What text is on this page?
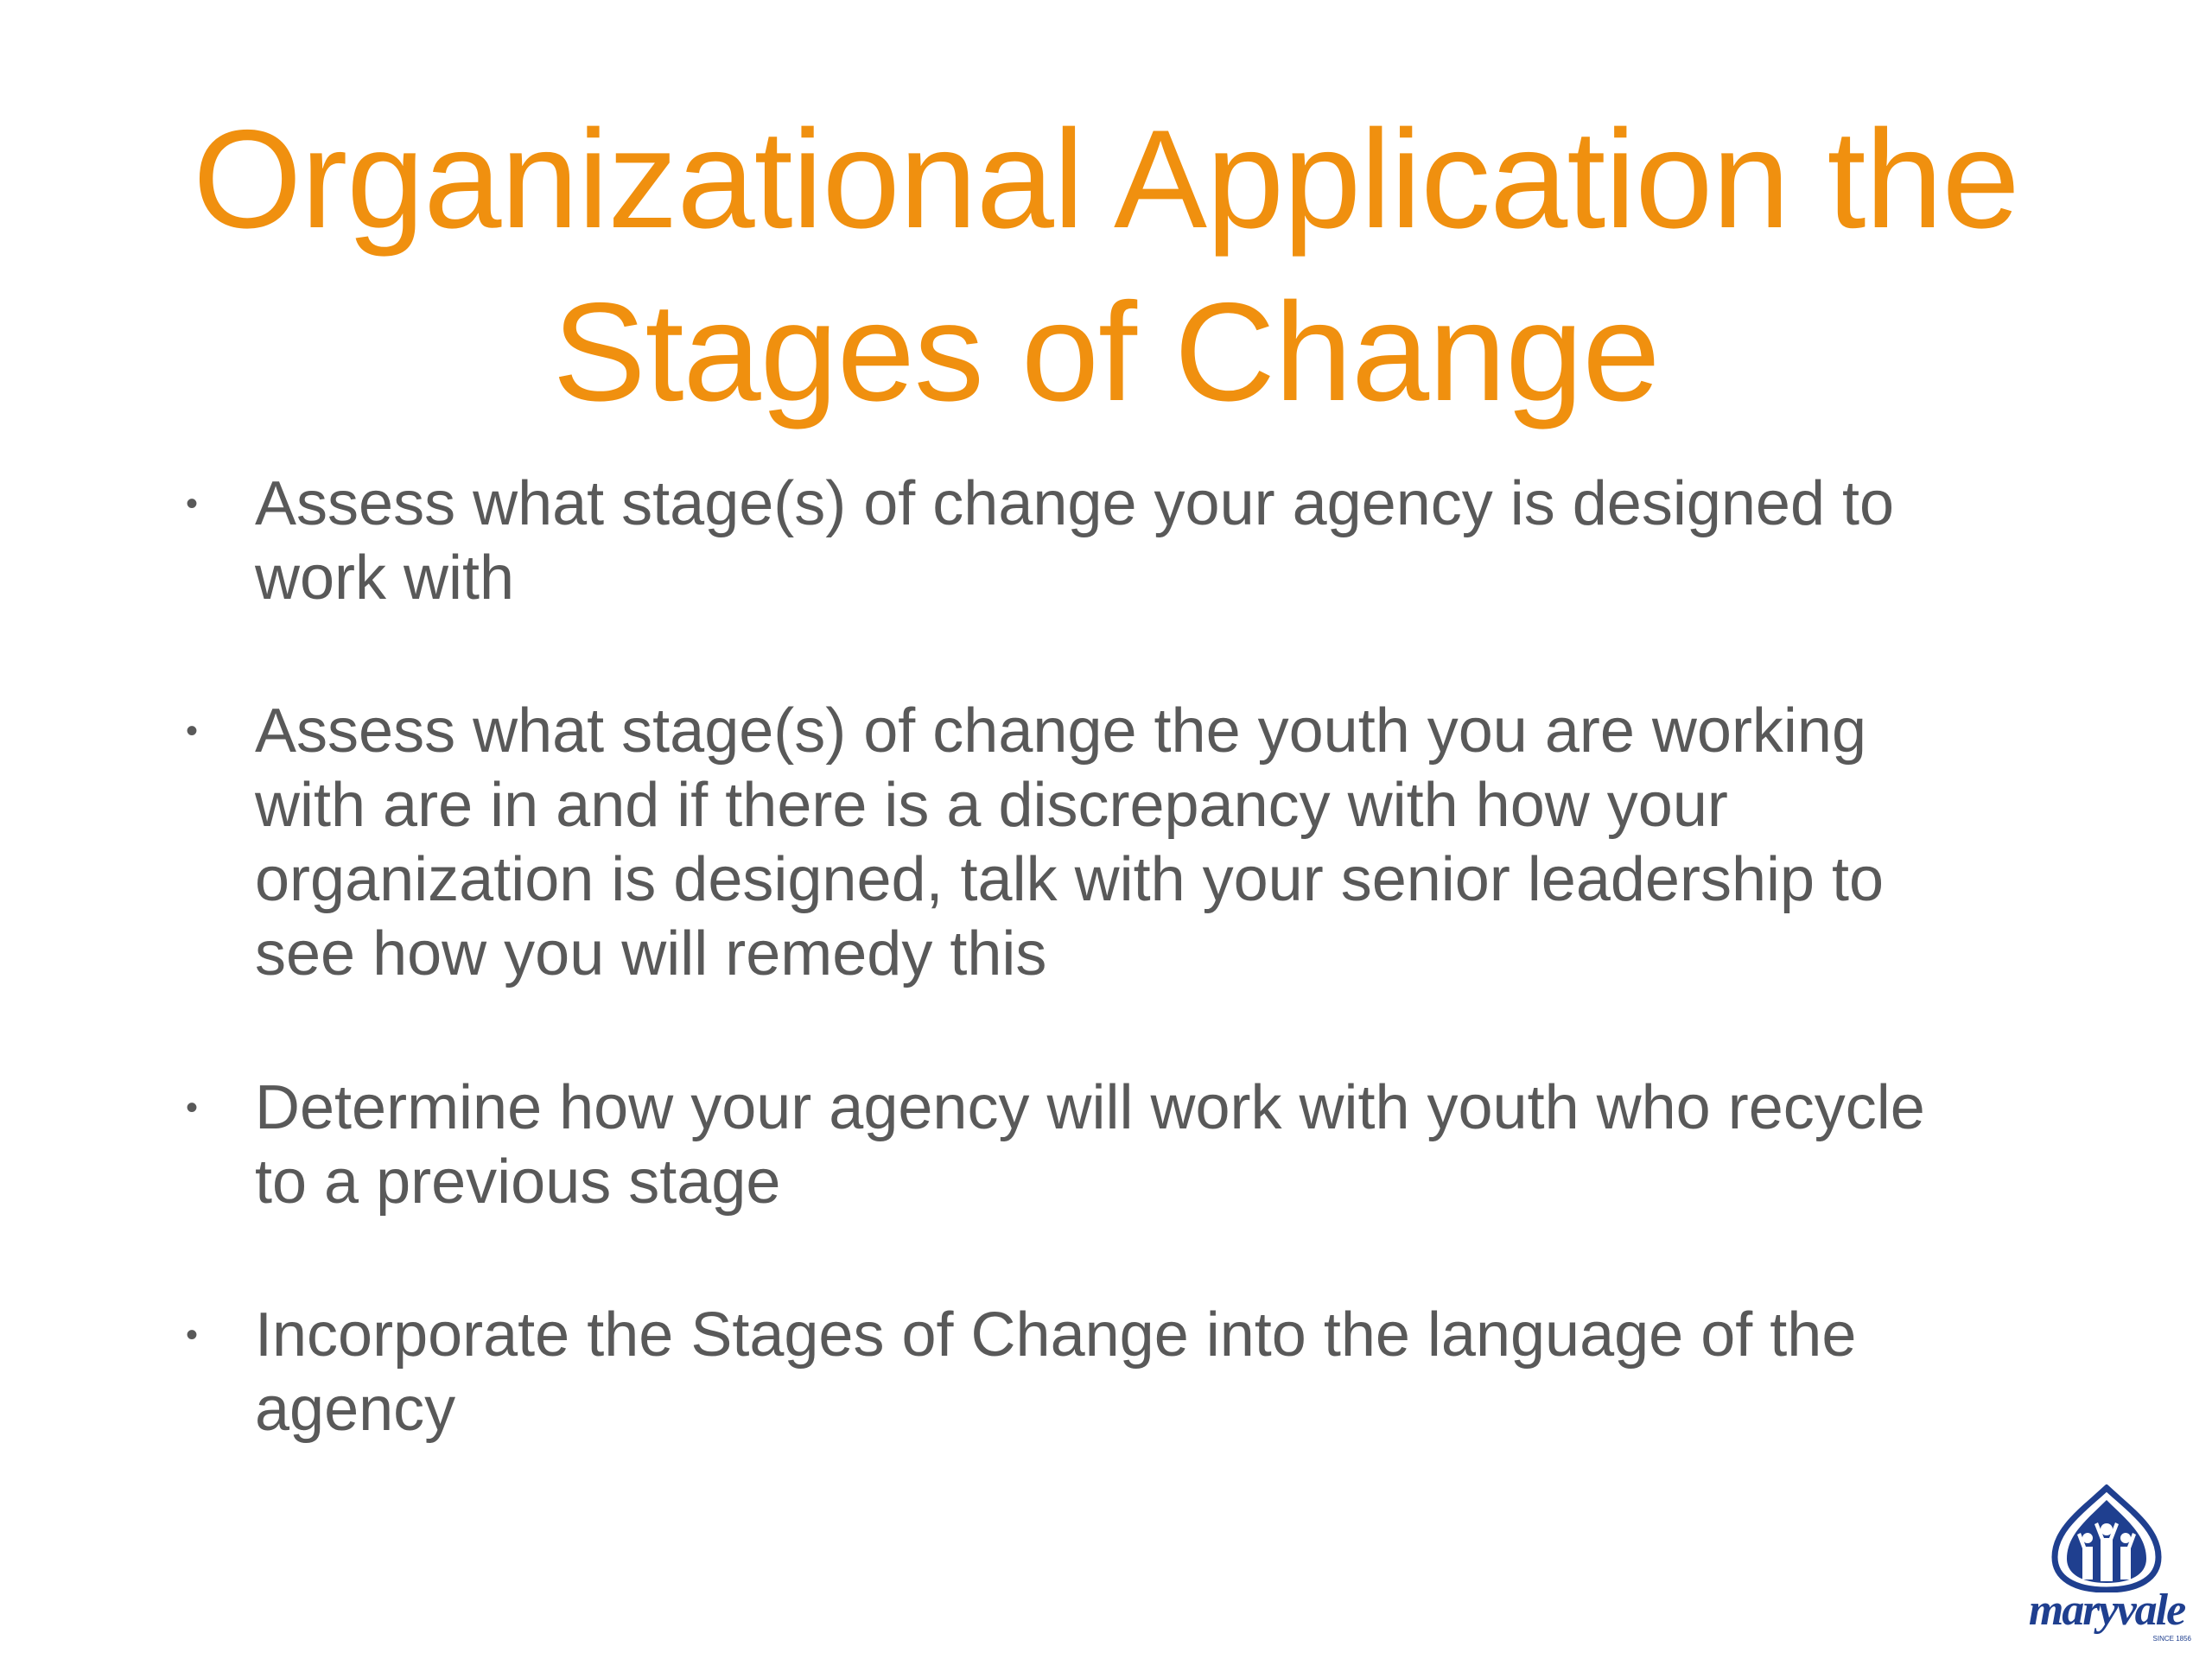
Organizational Application the
Stages of Change
• Assess what stage(s) of change your agency is designed to
work with
• Assess what stage(s) of change the youth you are working
with are in and if there is a discrepancy with how your
organization is designed, talk with your senior leadership to
see how you will remedy this
• Determine how your agency will work with youth who recycle
to a previous stage
• Incorporate the Stages of Change into the language of the
agency
maryvale
SINCE 1856
